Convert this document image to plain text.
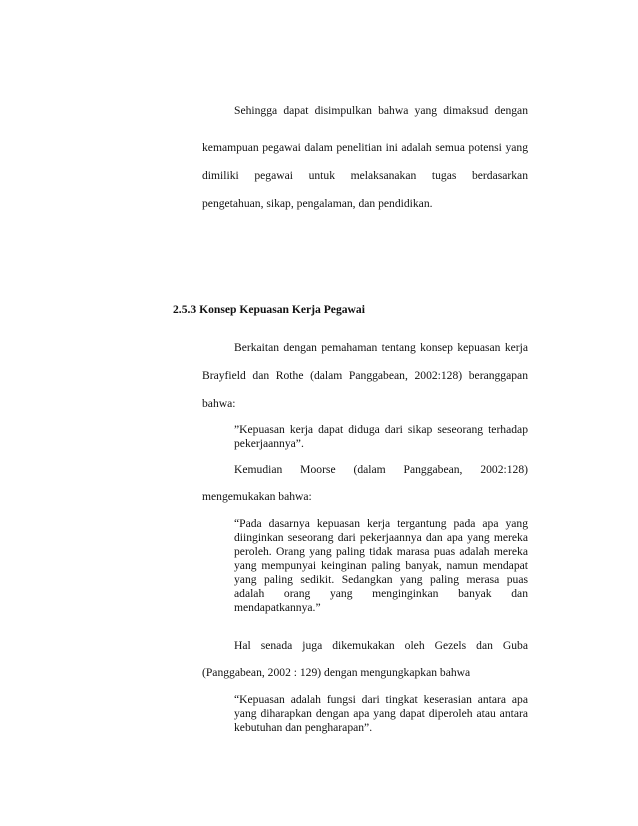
Sehingga dapat disimpulkan bahwa yang dimaksud dengan
kemampuan pegawai dalam penelitian ini adalah semua potensi yang
dimiliki pegawai untuk melaksanakan tugas berdasarkan
pengetahuan, sikap, pengalaman, dan pendidikan.
2.5.3 Konsep Kepuasan Kerja Pegawai
Berkaitan dengan pemahaman tentang konsep kepuasan kerja
Brayfield dan Rothe (dalam Panggabean, 2002:128) beranggapan
bahwa:
”Kepuasan kerja dapat diduga dari sikap seseorang terhadap
pekerjaannya”.
Kemudian Moorse (dalam Panggabean, 2002:128)
mengemukakan bahwa:
“Pada dasarnya kepuasan kerja tergantung pada apa yang
diinginkan seseorang dari pekerjaannya dan apa yang mereka
peroleh. Orang yang paling tidak marasa puas adalah mereka
yang mempunyai keinginan paling banyak, namun mendapat
yang paling sedikit. Sedangkan yang paling merasa puas
adalah orang yang menginginkan banyak dan
mendapatkannya.”
Hal senada juga dikemukakan oleh Gezels dan Guba
(Panggabean, 2002 : 129) dengan mengungkapkan bahwa
“Kepuasan adalah fungsi dari tingkat keserasian antara apa
yang diharapkan dengan apa yang dapat diperoleh atau antara
kebutuhan dan pengharapan”.
